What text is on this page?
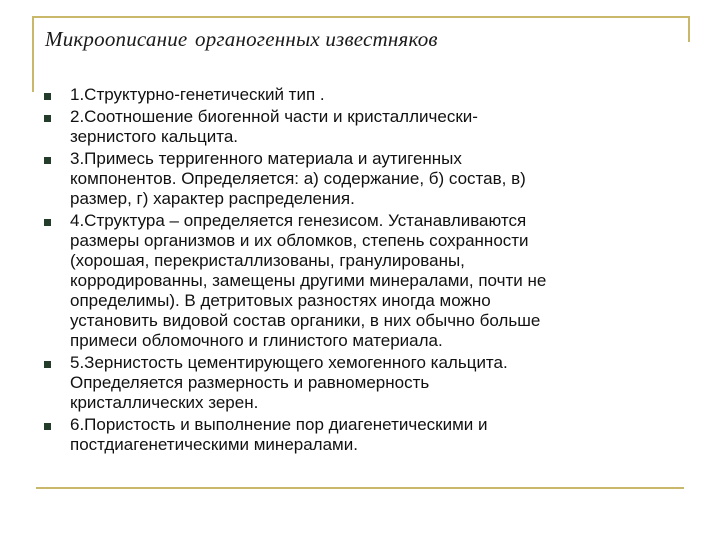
Микроописание органогенных известняков
1.Структурно-генетический тип .
2.Соотношение биогенной части и кристаллически-
зернистого кальцита.
3.Примесь терригенного материала и аутигенных
компонентов. Определяется: а) содержание, б) состав, в)
размер, г) характер распределения.
4.Структура – определяется генезисом. Устанавливаются
размеры организмов и их обломков, степень сохранности
(хорошая, перекристаллизованы, гранулированы,
корродированны, замещены другими минералами, почти не
определимы). В детритовых разностях иногда можно
установить видовой состав органики, в них обычно больше
примеси обломочного и глинистого материала.
5.Зернистость цементирующего хемогенного кальцита.
Определяется размерность и равномерность
кристаллических зерен.
6.Пористость и выполнение пор диагенетическими и
постдиагенетическими минералами.
